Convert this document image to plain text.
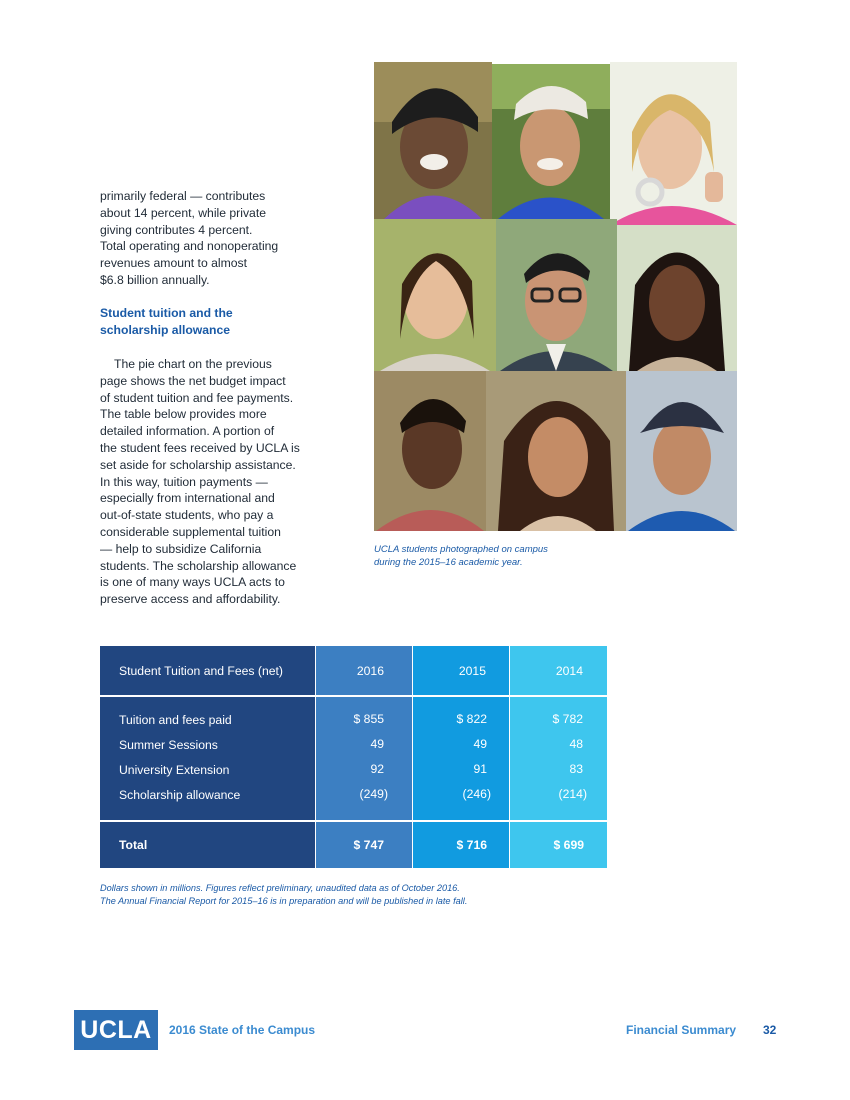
primarily federal — contributes

about 14 percent, while private

giving contributes 4 percent.

Total operating and nonoperating

revenues amount to almost

$6.8 billion annually.

Student tuition and the

scholarship allowance

The pie chart on the previous

page shows the net budget impact

of student tuition and fee payments.

The table below provides more

detailed information. A portion of

the student fees received by UCLA is

set aside for scholarship assistance.

In this way, tuition payments —

especially from international and

out-of-state students, who pay a

considerable supplemental tuition

— help to subsidize California

students. The scholarship allowance

is one of many ways UCLA acts to

preserve access and affordability.

UCLA students photographed on campus
during the 2015–16 academic year.
Student Tuition and Fees (net)	2016	2015	2014
Tuition and fees paid	$ 855	$ 822	$ 782
Summer Sessions	49	49	48
University Extension	92	91	83
Scholarship allowance	(249)	(246)	(214)
Total	$ 747	$ 716	$ 699
Dollars shown in millions. Figures reflect preliminary, unaudited data as of October 2016.
The Annual Financial Report for 2015–16 is in preparation and will be published in late fall.
UCLA	2016 State of the Campus	Financial Summary 32
